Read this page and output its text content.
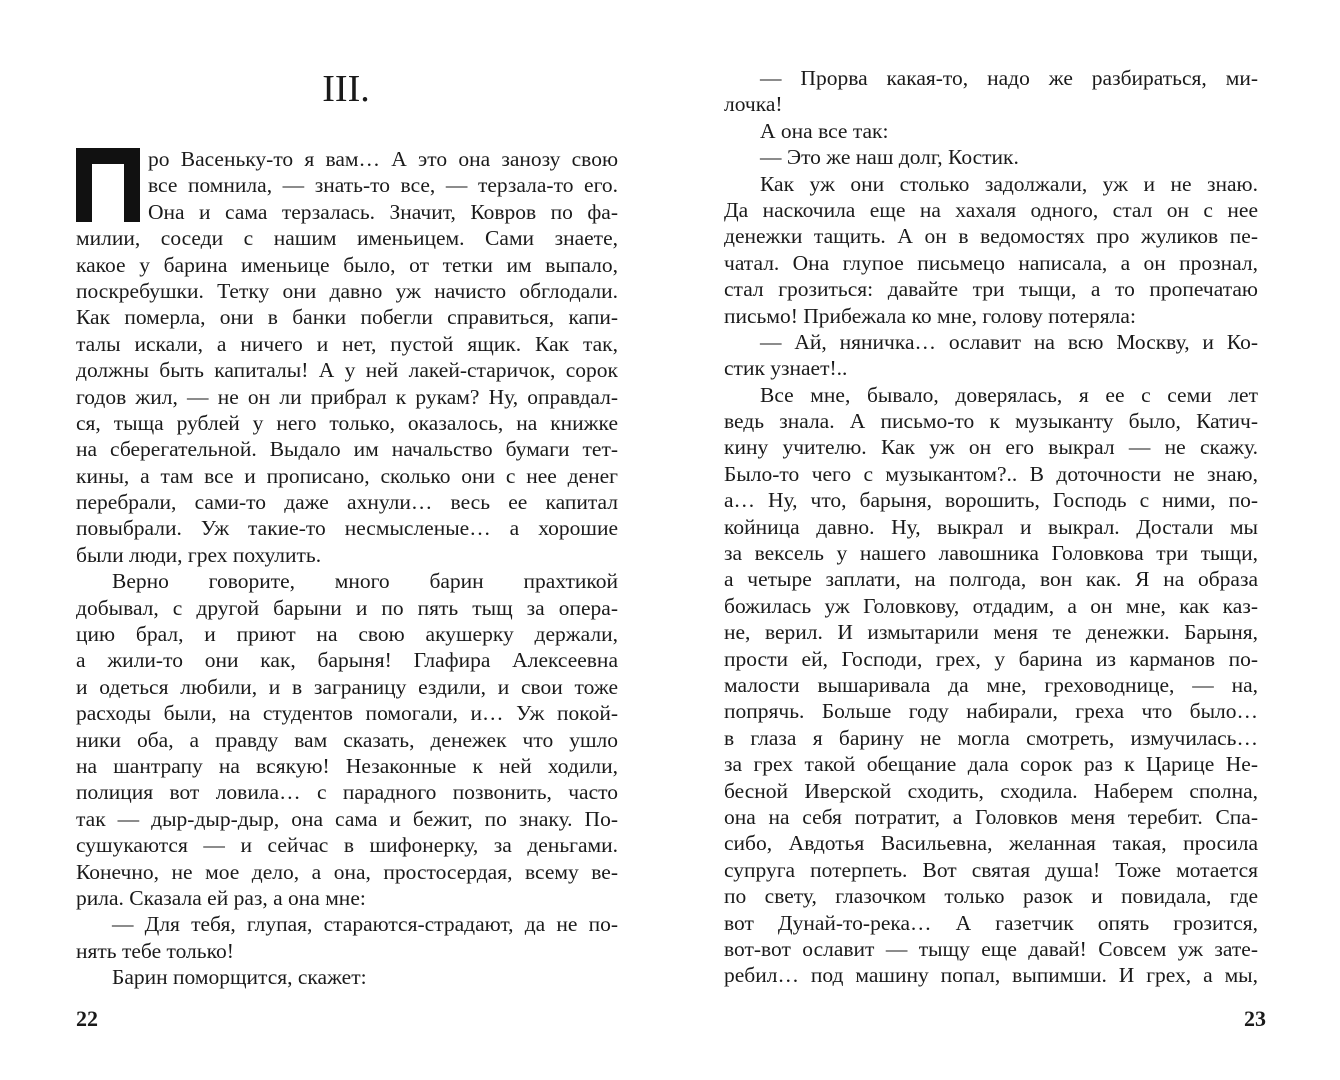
III.
ро Васеньку-то я вам… А это она занозу свою
все помнила, — знать-то все, — терзала-то его.
Она и сама терзалась. Значит, Ковров по фа-
милии, соседи с нашим именьицем. Сами знаете,
какое у барина именьице было, от тетки им выпало,
поскребушки. Тетку они давно уж начисто обглодали.
Как померла, они в банки побегли справиться, капи-
талы искали, а ничего и нет, пустой ящик. Как так,
должны быть капиталы! А у ней лакей-старичок, сорок
годов жил, — не он ли прибрал к рукам? Ну, оправдал-
ся, тыща рублей у него только, оказалось, на книжке
на сберегательной. Выдало им начальство бумаги тет-
кины, а там все и прописано, сколько они с нее денег
перебрали, сами-то даже ахнули… весь ее капитал
повыбрали. Уж такие-то несмысленые… а хорошие
были люди, грех похулить.
Верно говорите, много барин прахтикой
добывал, с другой барыни и по пять тыщ за опера-
цию брал, и приют на свою акушерку держали,
а жили-то они как, барыня! Глафира Алексеевна
и одеться любили, и в заграницу ездили, и свои тоже
расходы были, на студентов помогали, и… Уж покой-
ники оба, а правду вам сказать, денежек что ушло
на шантрапу на всякую! Незаконные к ней ходили,
полиция вот ловила… с парадного позвонить, часто
так — дыр-дыр-дыр, она сама и бежит, по знаку. По-
сушукаются — и сейчас в шифонерку, за деньгами.
Конечно, не мое дело, а она, простосердая, всему ве-
рила. Сказала ей раз, а она мне:
— Для тебя, глупая, стараются-страдают, да не по-
нять тебе только!
Барин поморщится, скажет:
22
— Прорва какая-то, надо же разбираться, ми-
лочка!
А она все так:
— Это же наш долг, Костик.
Как уж они столько задолжали, уж и не знаю.
Да наскочила еще на хахаля одного, стал он с нее
денежки тащить. А он в ведомостях про жуликов пе-
чатал. Она глупое письмецо написала, а он прознал,
стал грозиться: давайте три тыщи, а то пропечатаю
письмо! Прибежала ко мне, голову потеряла:
— Ай, няничка… ославит на всю Москву, и Ко-
стик узнает!..
Все мне, бывало, доверялась, я ее с семи лет
ведь знала. А письмо-то к музыканту было, Катич-
кину учителю. Как уж он его выкрал — не скажу.
Было-то чего с музыкантом?.. В доточности не знаю,
а… Ну, что, барыня, ворошить, Господь с ними, по-
койница давно. Ну, выкрал и выкрал. Достали мы
за вексель у нашего лавошника Головкова три тыщи,
а четыре заплати, на полгода, вон как. Я на образа
божилась уж Головкову, отдадим, а он мне, как каз-
не, верил. И измытарили меня те денежки. Барыня,
прости ей, Господи, грех, у барина из карманов по-
малости вышаривала да мне, греховоднице, — на,
попрячь. Больше году набирали, греха что было…
в глаза я барину не могла смотреть, измучилась…
за грех такой обещание дала сорок раз к Царице Не-
бесной Иверской сходить, сходила. Наберем сполна,
она на себя потратит, а Головков меня теребит. Спа-
сибо, Авдотья Васильевна, желанная такая, просила
супруга потерпеть. Вот святая душа! Тоже мотается
по свету, глазочком только разок и повидала, где
вот Дунай-то-река… А газетчик опять грозится,
вот-вот ославит — тыщу еще давай! Совсем уж зате-
ребил… под машину попал, выпимши. И грех, а мы,
23
